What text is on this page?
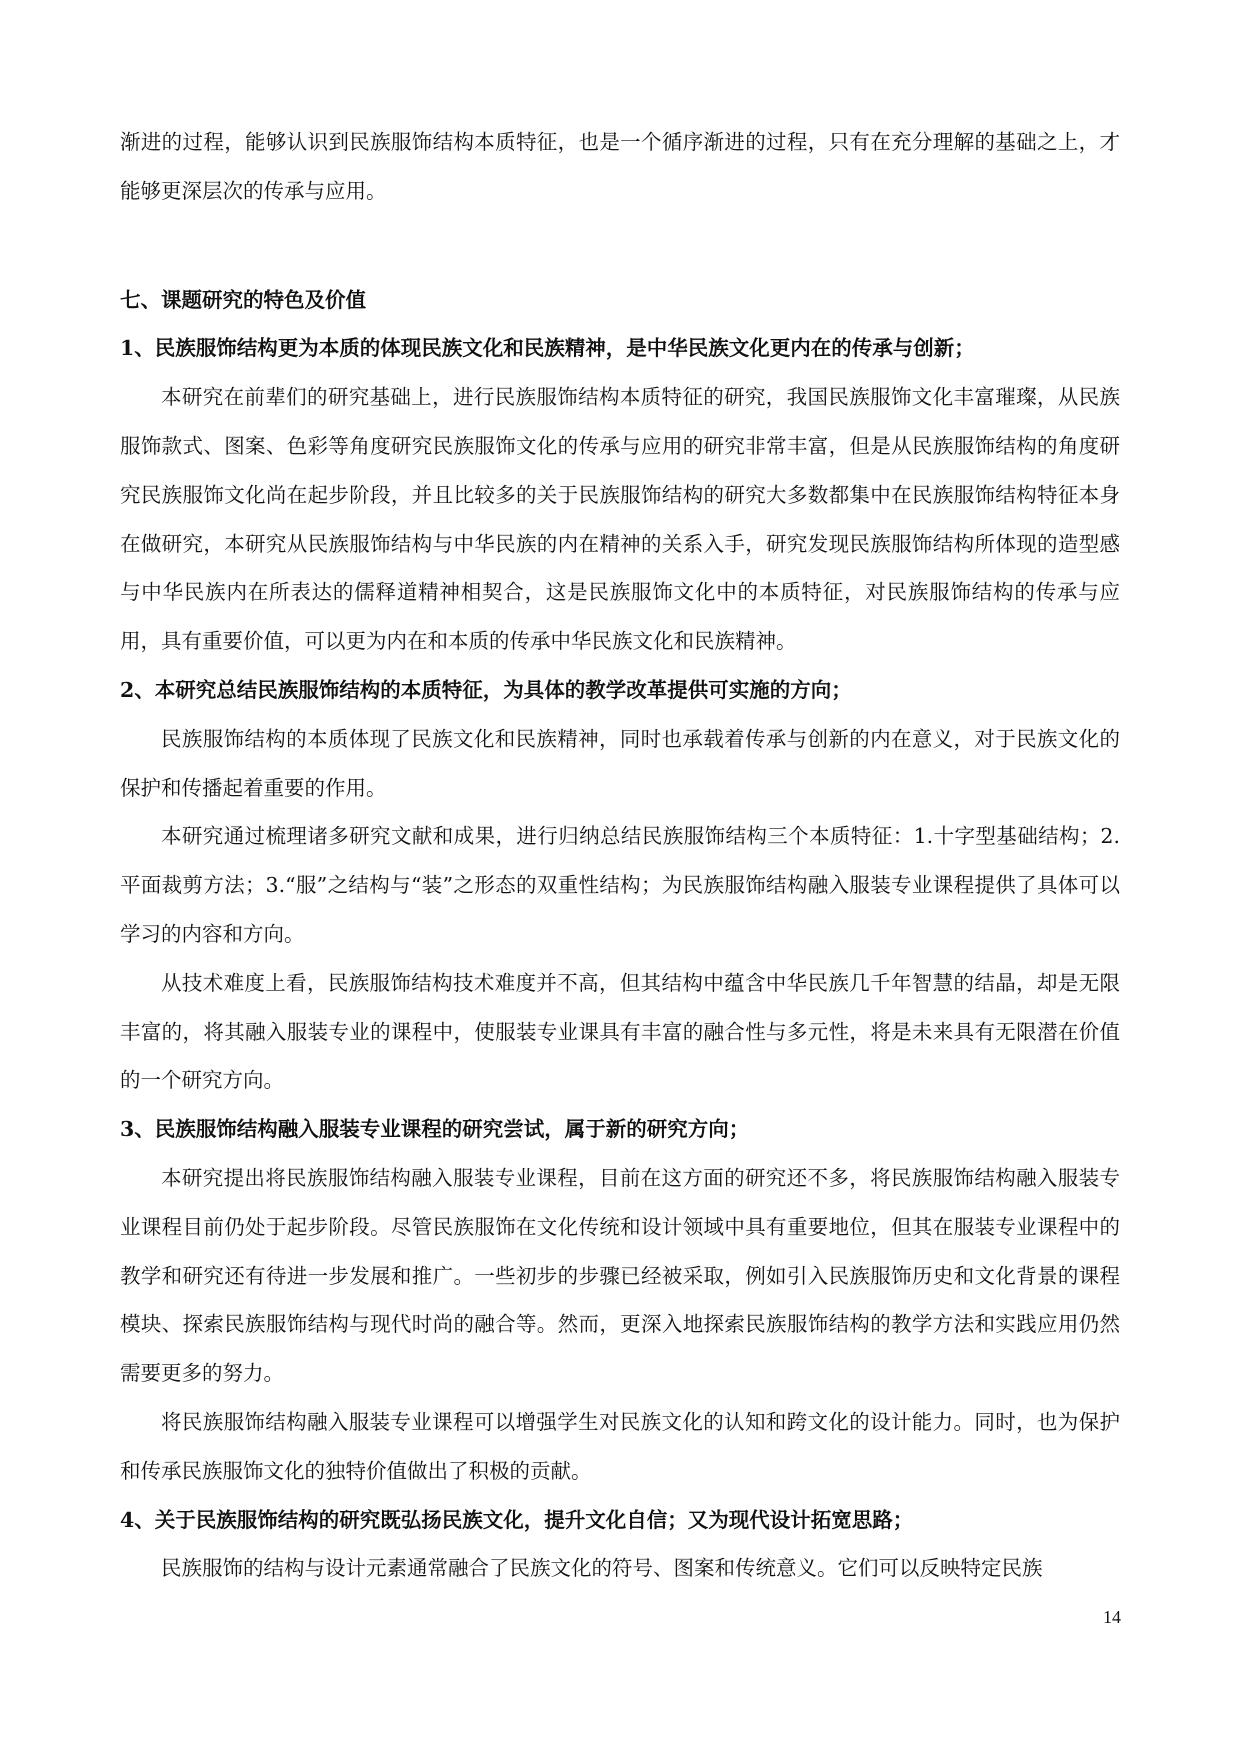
渐进的过程，能够认识到民族服饰结构本质特征，也是一个循序渐进的过程，只有在充分理解的基础之上，才能够更深层次的传承与应用。

七、课题研究的特色及价值
1、民族服饰结构更为本质的体现民族文化和民族精神，是中华民族文化更内在的传承与创新；

本研究在前辈们的研究基础上，进行民族服饰结构本质特征的研究，我国民族服饰文化丰富璀璨，从民族服饰款式、图案、色彩等角度研究民族服饰文化的传承与应用的研究非常丰富，但是从民族服饰结构的角度研究民族服饰文化尚在起步阶段，并且比较多的关于民族服饰结构的研究大多数都集中在民族服饰结构特征本身在做研究，本研究从民族服饰结构与中华民族的内在精神的关系入手，研究发现民族服饰结构所体现的造型感与中华民族内在所表达的儒释道精神相契合，这是民族服饰文化中的本质特征，对民族服饰结构的传承与应用，具有重要价值，可以更为内在和本质的传承中华民族文化和民族精神。

2、本研究总结民族服饰结构的本质特征，为具体的教学改革提供可实施的方向；

民族服饰结构的本质体现了民族文化和民族精神，同时也承载着传承与创新的内在意义，对于民族文化的保护和传播起着重要的作用。

本研究通过梳理诸多研究文献和成果，进行归纳总结民族服饰结构三个本质特征：1.十字型基础结构；2.平面裁剪方法；3.“服”之结构与“装”之形态的双重性结构；为民族服饰结构融入服装专业课程提供了具体可以学习的内容和方向。

从技术难度上看，民族服饰结构技术难度并不高，但其结构中蕴含中华民族几千年智慧的结晶，却是无限丰富的，将其融入服装专业的课程中，使服装专业课具有丰富的融合性与多元性，将是未来具有无限潜在价值的一个研究方向。

3、民族服饰结构融入服装专业课程的研究尝试，属于新的研究方向；

本研究提出将民族服饰结构融入服装专业课程，目前在这方面的研究还不多，将民族服饰结构融入服装专业课程目前仍处于起步阶段。尽管民族服饰在文化传统和设计领域中具有重要地位，但其在服装专业课程中的教学和研究还有待进一步发展和推广。一些初步的步骤已经被采取，例如引入民族服饰历史和文化背景的课程模块、探索民族服饰结构与现代时尚的融合等。然而，更深入地探索民族服饰结构的教学方法和实践应用仍然需要更多的努力。

将民族服饰结构融入服装专业课程可以增强学生对民族文化的认知和跨文化的设计能力。同时，也为保护和传承民族服饰文化的独特价值做出了积极的贡献。

4、关于民族服饰结构的研究既弘扬民族文化，提升文化自信；又为现代设计拓宽思路；

民族服饰的结构与设计元素通常融合了民族文化的符号、图案和传统意义。它们可以反映特定民族

14
